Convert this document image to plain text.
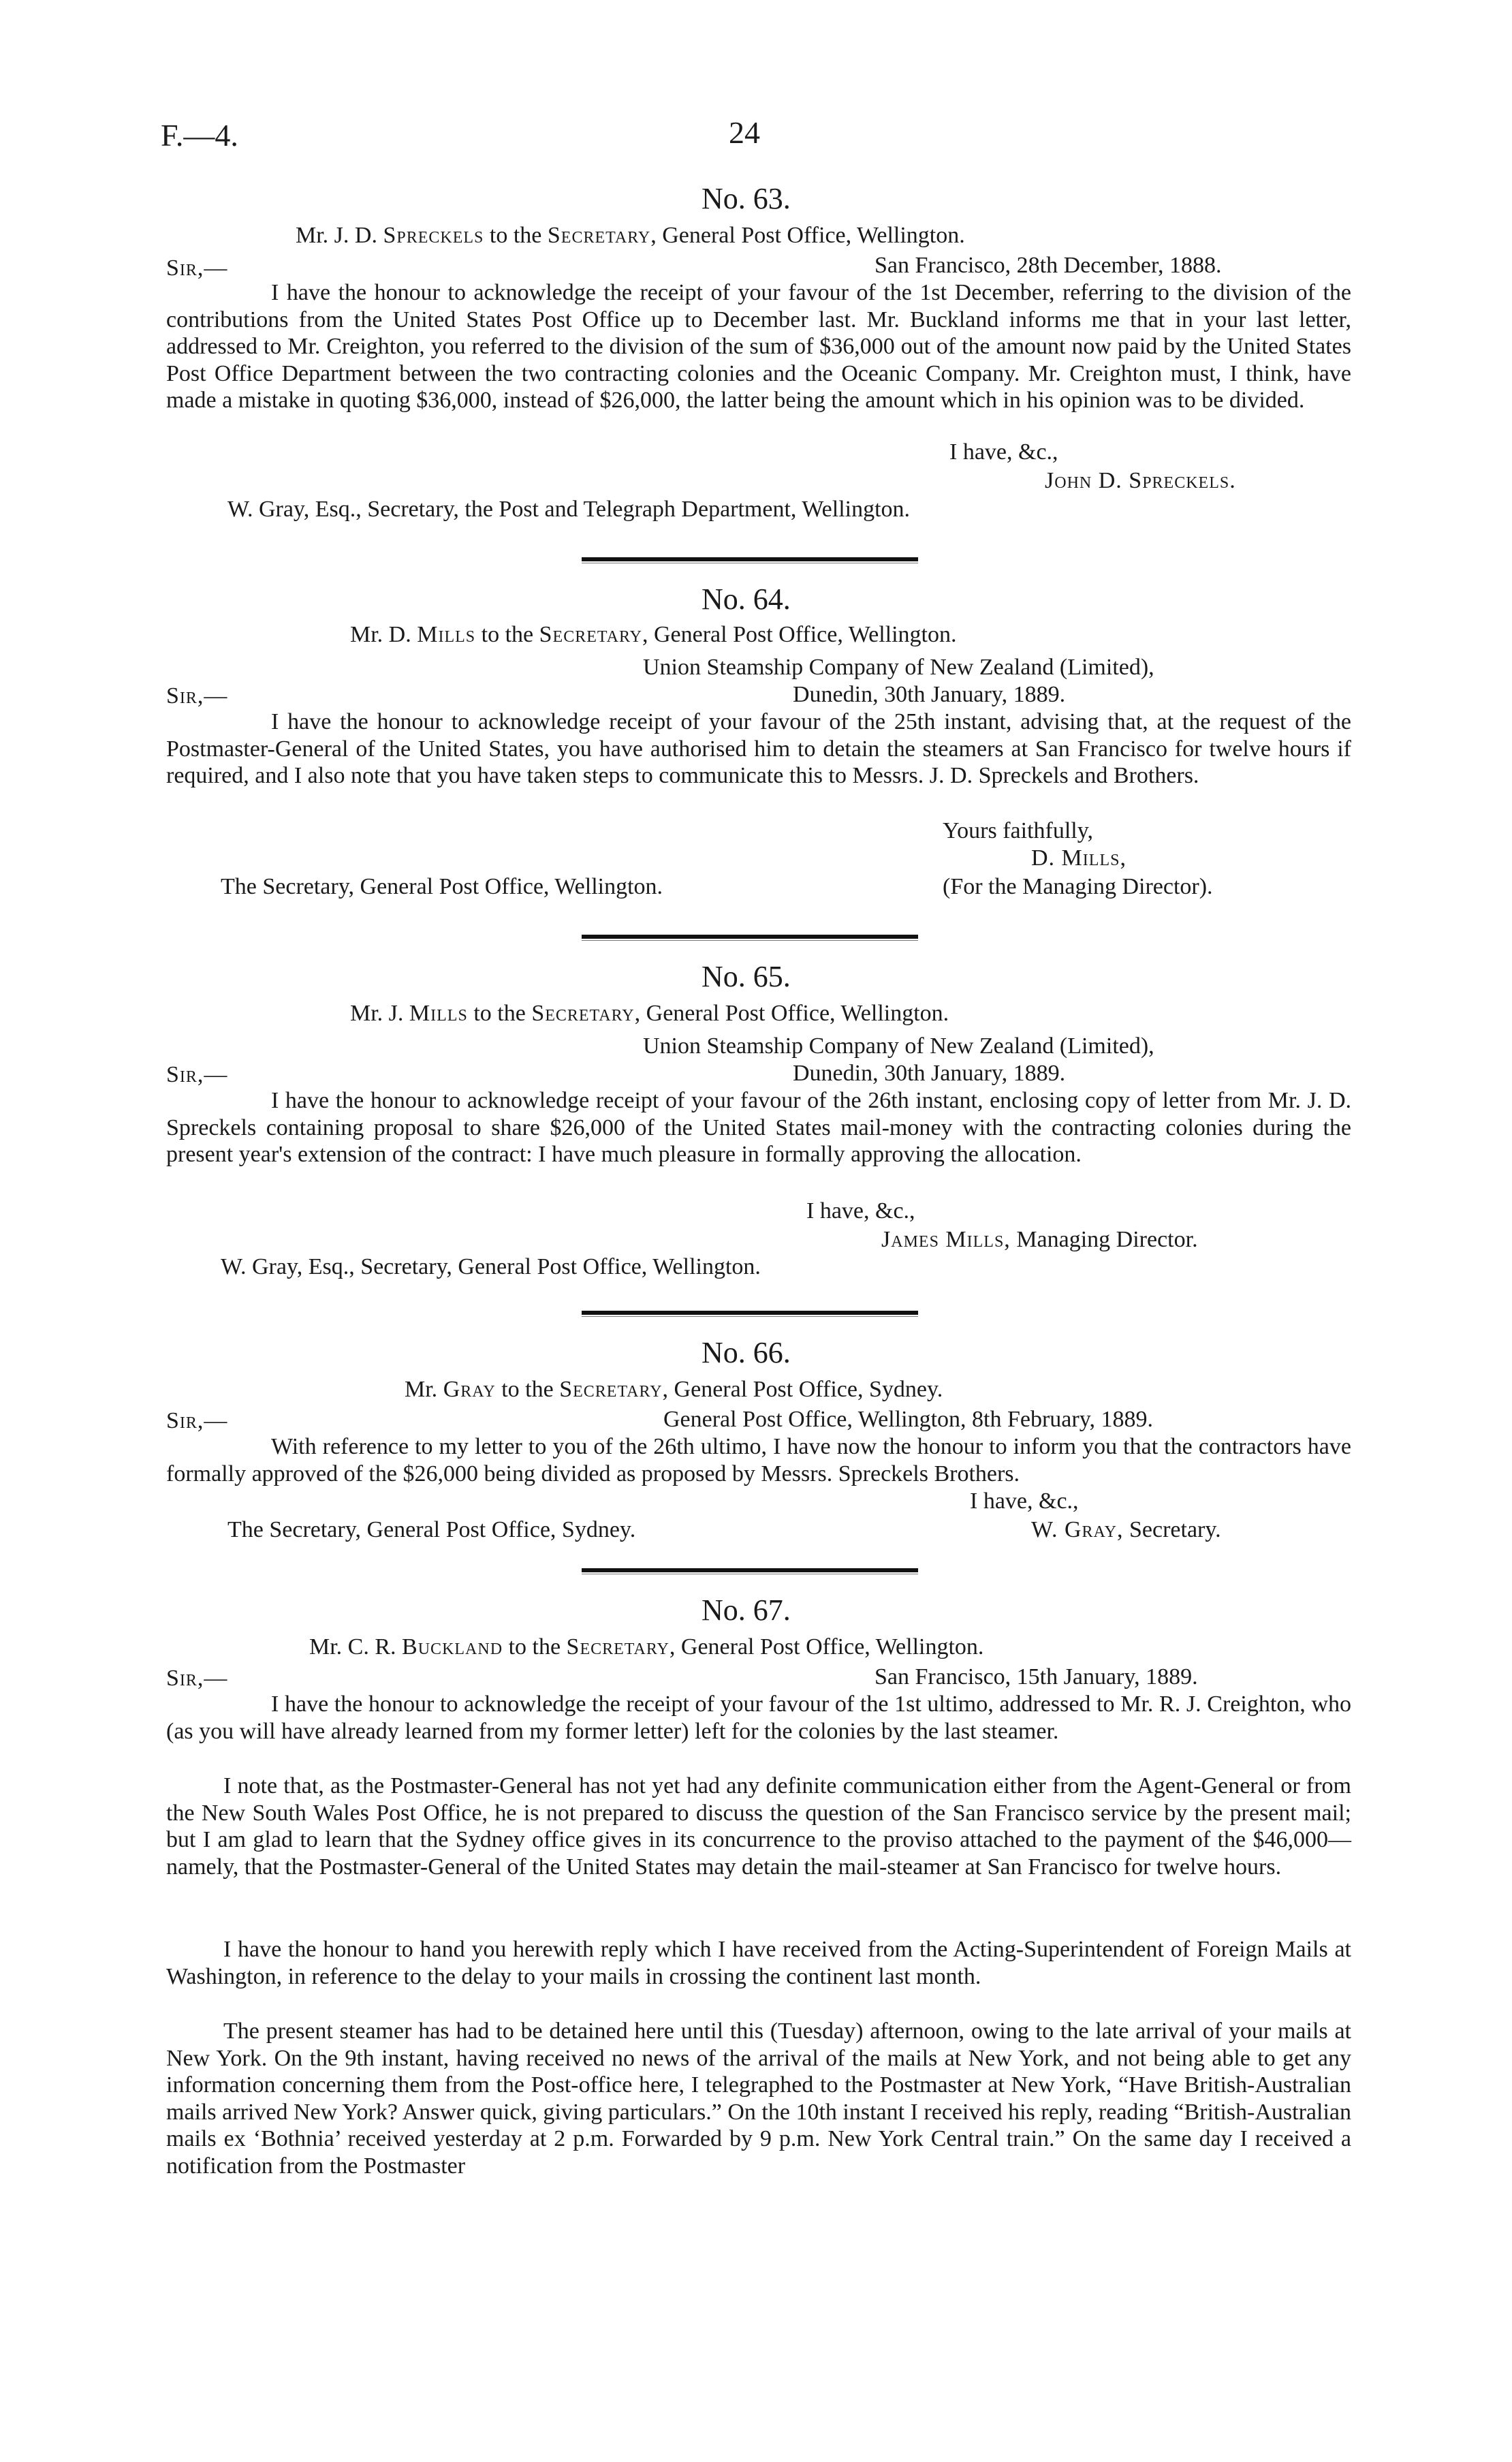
F.—4.	24
No. 63.
Mr. J. D. Spreckels to the Secretary, General Post Office, Wellington.
Sir,—	San Francisco, 28th December, 1888.
I have the honour to acknowledge the receipt of your favour of the 1st December, referring to the division of the contributions from the United States Post Office up to December last. Mr. Buckland informs me that in your last letter, addressed to Mr. Creighton, you referred to the division of the sum of $36,000 out of the amount now paid by the United States Post Office Department between the two contracting colonies and the Oceanic Company. Mr. Creighton must, I think, have made a mistake in quoting $36,000, instead of $26,000, the latter being the amount which in his opinion was to be divided.
I have, &c.,
John D. Spreckels.
W. Gray, Esq., Secretary, the Post and Telegraph Department, Wellington.
No. 64.
Mr. D. Mills to the Secretary, General Post Office, Wellington.
Union Steamship Company of New Zealand (Limited),
Sir,—	Dunedin, 30th January, 1889.
I have the honour to acknowledge receipt of your favour of the 25th instant, advising that, at the request of the Postmaster-General of the United States, you have authorised him to detain the steamers at San Francisco for twelve hours if required, and I also note that you have taken steps to communicate this to Messrs. J. D. Spreckels and Brothers.
Yours faithfully,
D. Mills,
The Secretary, General Post Office, Wellington.	(For the Managing Director).
No. 65.
Mr. J. Mills to the Secretary, General Post Office, Wellington.
Union Steamship Company of New Zealand (Limited),
Sir,—	Dunedin, 30th January, 1889.
I have the honour to acknowledge receipt of your favour of the 26th instant, enclosing copy of letter from Mr. J. D. Spreckels containing proposal to share $26,000 of the United States mail-money with the contracting colonies during the present year's extension of the contract: I have much pleasure in formally approving the allocation.
I have, &c.,
James Mills, Managing Director.
W. Gray, Esq., Secretary, General Post Office, Wellington.
No. 66.
Mr. Gray to the Secretary, General Post Office, Sydney.
Sir,—	General Post Office, Wellington, 8th February, 1889.
With reference to my letter to you of the 26th ultimo, I have now the honour to inform you that the contractors have formally approved of the $26,000 being divided as proposed by Messrs. Spreckels Brothers.
I have, &c.,
The Secretary, General Post Office, Sydney.	W. Gray, Secretary.
No. 67.
Mr. C. R. Buckland to the Secretary, General Post Office, Wellington.
Sir,—	San Francisco, 15th January, 1889.
I have the honour to acknowledge the receipt of your favour of the 1st ultimo, addressed to Mr. R. J. Creighton, who (as you will have already learned from my former letter) left for the colonies by the last steamer.
I note that, as the Postmaster-General has not yet had any definite communication either from the Agent-General or from the New South Wales Post Office, he is not prepared to discuss the question of the San Francisco service by the present mail; but I am glad to learn that the Sydney office gives in its concurrence to the proviso attached to the payment of the $46,000—namely, that the Postmaster-General of the United States may detain the mail-steamer at San Francisco for twelve hours.
I have the honour to hand you herewith reply which I have received from the Acting-Superintendent of Foreign Mails at Washington, in reference to the delay to your mails in crossing the continent last month.
The present steamer has had to be detained here until this (Tuesday) afternoon, owing to the late arrival of your mails at New York. On the 9th instant, having received no news of the arrival of the mails at New York, and not being able to get any information concerning them from the Post-office here, I telegraphed to the Postmaster at New York, “Have British-Australian mails arrived New York? Answer quick, giving particulars.” On the 10th instant I received his reply, reading “British-Australian mails ex ‘Bothnia’ received yesterday at 2 p.m. Forwarded by 9 p.m. New York Central train.” On the same day I received a notification from the Postmaster
